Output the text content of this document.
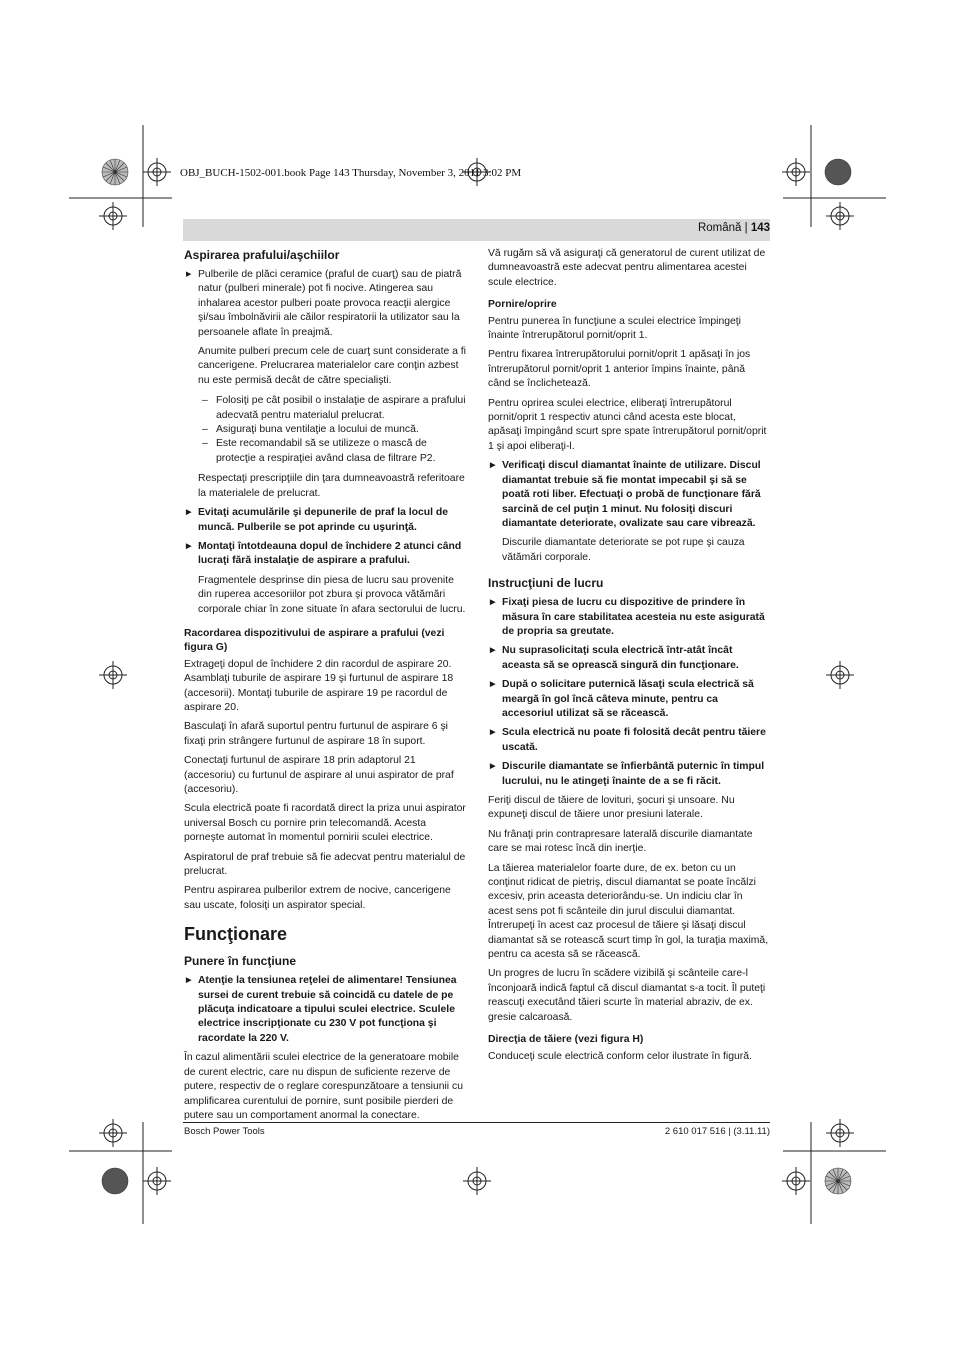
OBJ_BUCH-1502-001.book Page 143 Thursday, November 3, 2011 3:02 PM
Română | 143
Aspirarea prafului/aşchiilor
▶ Pulberile de plăci ceramice (praful de cuarţ) sau de piatră natur (pulberi minerale) pot fi nocive. Atingerea sau inhalarea acestor pulberi poate provoca reacţii alergice şi/sau îmbolnăvirii ale căilor respiratorii la utilizator sau la persoanele aflate în preajmă.
Anumite pulberi precum cele de cuarţ sunt considerate a fi cancerigene. Prelucrarea materialelor care conţin azbest nu este permisă decât de către specialişti.
– Folosiţi pe cât posibil o instalaţie de aspirare a prafului adecvată pentru materialul prelucrat.
– Asiguraţi buna ventilaţie a locului de muncă.
– Este recomandabil să se utilizeze o mască de protecţie a respiraţiei având clasa de filtrare P2.
Respectaţi prescripţiile din ţara dumneavoastră referitoare la materialele de prelucrat.
▶ Evitaţi acumulările şi depunerile de praf la locul de muncă. Pulberile se pot aprinde cu uşurinţă.
▶ Montaţi întotdeauna dopul de închidere 2 atunci când lucraţi fără instalaţie de aspirare a prafului.
Fragmentele desprinse din piesa de lucru sau provenite din ruperea accesoriilor pot zbura şi provoca vătămări corporale chiar în zone situate în afara sectorului de lucru.
Racordarea dispozitivului de aspirare a prafului (vezi figura G)

Extrageţi dopul de închidere 2 din racordul de aspirare 20. Asamblaţi tuburile de aspirare 19 şi furtunul de aspirare 18 (accesorii). Montaţi tuburile de aspirare 19 pe racordul de aspirare 20.

Basculaţi în afară suportul pentru furtunul de aspirare 6 şi fixaţi prin strângere furtunul de aspirare 18 în suport.

Conectaţi furtunul de aspirare 18 prin adaptorul 21 (accesoriu) cu furtunul de aspirare al unui aspirator de praf (accesoriu).

Scula electrică poate fi racordată direct la priza unui aspirator universal Bosch cu pornire prin telecomandă. Acesta porneşte automat în momentul pornirii sculei electrice.

Aspiratorul de praf trebuie să fie adecvat pentru materialul de prelucrat.

Pentru aspirarea pulberilor extrem de nocive, cancerigene sau uscate, folosiţi un aspirator special.

Funcţionare
Punere în funcţiune
▶ Atenţie la tensiunea reţelei de alimentare! Tensiunea sursei de curent trebuie să coincidă cu datele de pe plăcuţa indicatoare a tipului sculei electrice. Sculele electrice inscripţionate cu 230 V pot funcţiona şi racordate la 220 V.

În cazul alimentării sculei electrice de la generatoare mobile de curent electric, care nu dispun de suficiente rezerve de putere, respectiv de o reglare corespunzătoare a tensiunii cu amplificarea curentului de pornire, sunt posibile pierderi de putere sau un comportament anormal la conectare.

Vă rugăm să vă asiguraţi că generatorul de curent utilizat de dumneavoastră este adecvat pentru alimentarea acestei scule electrice.

Pornire/oprire

Pentru punerea în funcţiune a sculei electrice împingeţi înainte întrerupătorul pornit/oprit 1.

Pentru fixarea întrerupătorului pornit/oprit 1 apăsaţi în jos întrerupătorul pornit/oprit 1 anterior împins înainte, până când se înclichetează.

Pentru oprirea sculei electrice, eliberaţi întrerupătorul pornit/oprit 1 respectiv atunci când acesta este blocat, apăsaţi împingând scurt spre spate întrerupătorul pornit/oprit 1 şi apoi eliberaţi-l.

▶ Verificaţi discul diamantat înainte de utilizare. Discul diamantat trebuie să fie montat impecabil şi să se poată roti liber. Efectuaţi o probă de funcţionare fără sarcină de cel puţin 1 minut. Nu folosiţi discuri diamantate deteriorate, ovalizate sau care vibrează.
Discurile diamantate deteriorate se pot rupe şi cauza vătămări corporale.
Instrucţiuni de lucru
▶ Fixaţi piesa de lucru cu dispozitive de prindere în măsura în care stabilitatea acesteia nu este asigurată de propria sa greutate.
▶ Nu suprasolicitaţi scula electrică într-atât încât aceasta să se oprească singură din funcţionare.
▶ După o solicitare puternică lăsaţi scula electrică să meargă în gol încă câteva minute, pentru ca accesoriul utilizat să se răcească.
▶ Scula electrică nu poate fi folosită decât pentru tăiere uscată.
▶ Discurile diamantate se înfierbântă puternic în timpul lucrului, nu le atingeţi înainte de a se fi răcit.

Feriţi discul de tăiere de lovituri, şocuri şi unsoare. Nu expuneţi discul de tăiere unor presiuni laterale.

Nu frânaţi prin contrapresare laterală discurile diamantate care se mai rotesc încă din inerţie.

La tăierea materialelor foarte dure, de ex. beton cu un conţinut ridicat de pietriş, discul diamantat se poate încălzi excesiv, prin aceasta deteriorându-se. Un indiciu clar în acest sens pot fi scânteile din jurul discului diamantat.

Întrerupeţi în acest caz procesul de tăiere şi lăsaţi discul diamantat să se rotească scurt timp în gol, la turaţia maximă, pentru ca acesta să se răcească.

Un progres de lucru în scădere vizibilă şi scânteile care-l înconjoară indică faptul că discul diamantat s-a tocit. Îl puteţi reascuţi executând tăieri scurte în material abraziv, de ex. gresie calcaroasă.

Direcţia de tăiere (vezi figura H)

Conduceţi scule electrică conform celor ilustrate în figură.

Bosch Power Tools	2 610 017 516 | (3.11.11)
